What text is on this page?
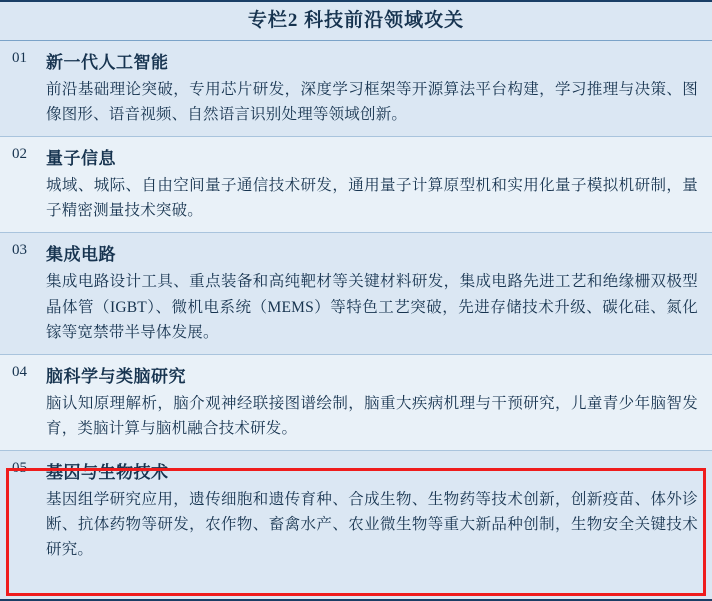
专栏2 科技前沿领域攻关
01	新一代人工智能
前沿基础理论突破，专用芯片研发，深度学习框架等开源算法平台构建，学习推理与决策、图像图形、语音视频、自然语言识别处理等领域创新。
02	量子信息
城域、城际、自由空间量子通信技术研发，通用量子计算原型机和实用化量子模拟机研制，量子精密测量技术突破。
03	集成电路
集成电路设计工具、重点装备和高纯靶材等关键材料研发，集成电路先进工艺和绝缘栅双极型晶体管（IGBT）、微机电系统（MEMS）等特色工艺突破，先进存储技术升级、碳化硅、氮化镓等宽禁带半导体发展。
04	脑科学与类脑研究
脑认知原理解析，脑介观神经联接图谱绘制，脑重大疾病机理与干预研究，儿童青少年脑智发育，类脑计算与脑机融合技术研发。
05	基因与生物技术
基因组学研究应用，遗传细胞和遗传育种、合成生物、生物药等技术创新，创新疫苗、体外诊断、抗体药物等研发，农作物、畜禽水产、农业微生物等重大新品种创制，生物安全关键技术研究。
